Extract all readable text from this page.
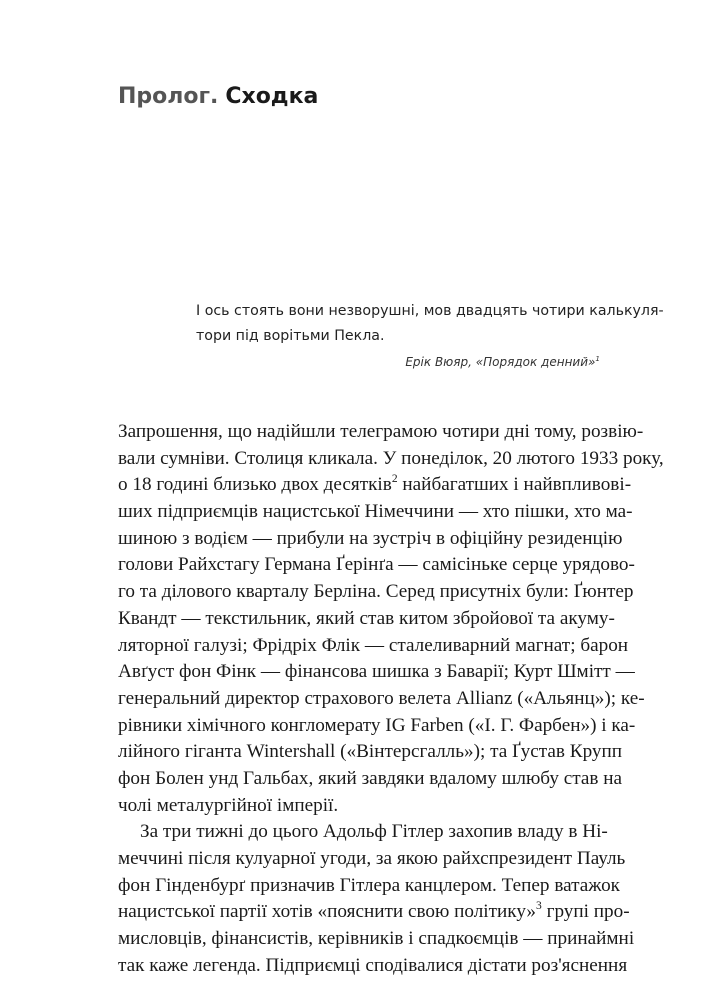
Пролог. Сходка
І ось стоять вони незворушні, мов двадцять чотири калькуля-
тори під ворітьми Пекла.
Ерік Вюяр, «Порядок денний»$^1$
Запрошення, що надійшли телеграмою чотири дні тому, розвію-
вали сумніви. Столиця кликала. У понеділок, 20 лютого 1933 року,
о 18 годині близько двох десятків$^2$ найбагатших і найвпливові-
ших підприємців нацистської Німеччини — хто пішки, хто ма-
шиною з водієм — прибули на зустріч в офіційну резиденцію
голови Райхстагу Германа Ґерінґа — самісіньке серце урядово-
го та ділового кварталу Берліна. Серед присутніх були: Ґюнтер
Квандт — текстильник, який став китом збройової та акуму-
ляторної галузі; Фрідріх Флік — сталеливарний магнат; барон
Авґуст фон Фінк — фінансова шишка з Баварії; Курт Шмітт —
генеральний директор страхового велета Allianz («Альянц»); ке-
рівники хімічного конгломерату IG Farben («І. Г. Фарбен») і ка-
лійного гіганта Wintershall («Вінтерсгалль»); та Ґустав Крупп
фон Болен унд Гальбах, який завдяки вдалому шлюбу став на
чолі металургійної імперії.
За три тижні до цього Адольф Гітлер захопив владу в Ні-
меччині після кулуарної угоди, за якою райхспрезидент Пауль
фон Гінденбурґ призначив Гітлера канцлером. Тепер ватажок
нацистської партії хотів «пояснити свою політику»$^3$ групі про-
мисловців, фінансистів, керівників і спадкоємців — принаймні
так каже легенда. Підприємці сподівалися дістати роз'яснення
